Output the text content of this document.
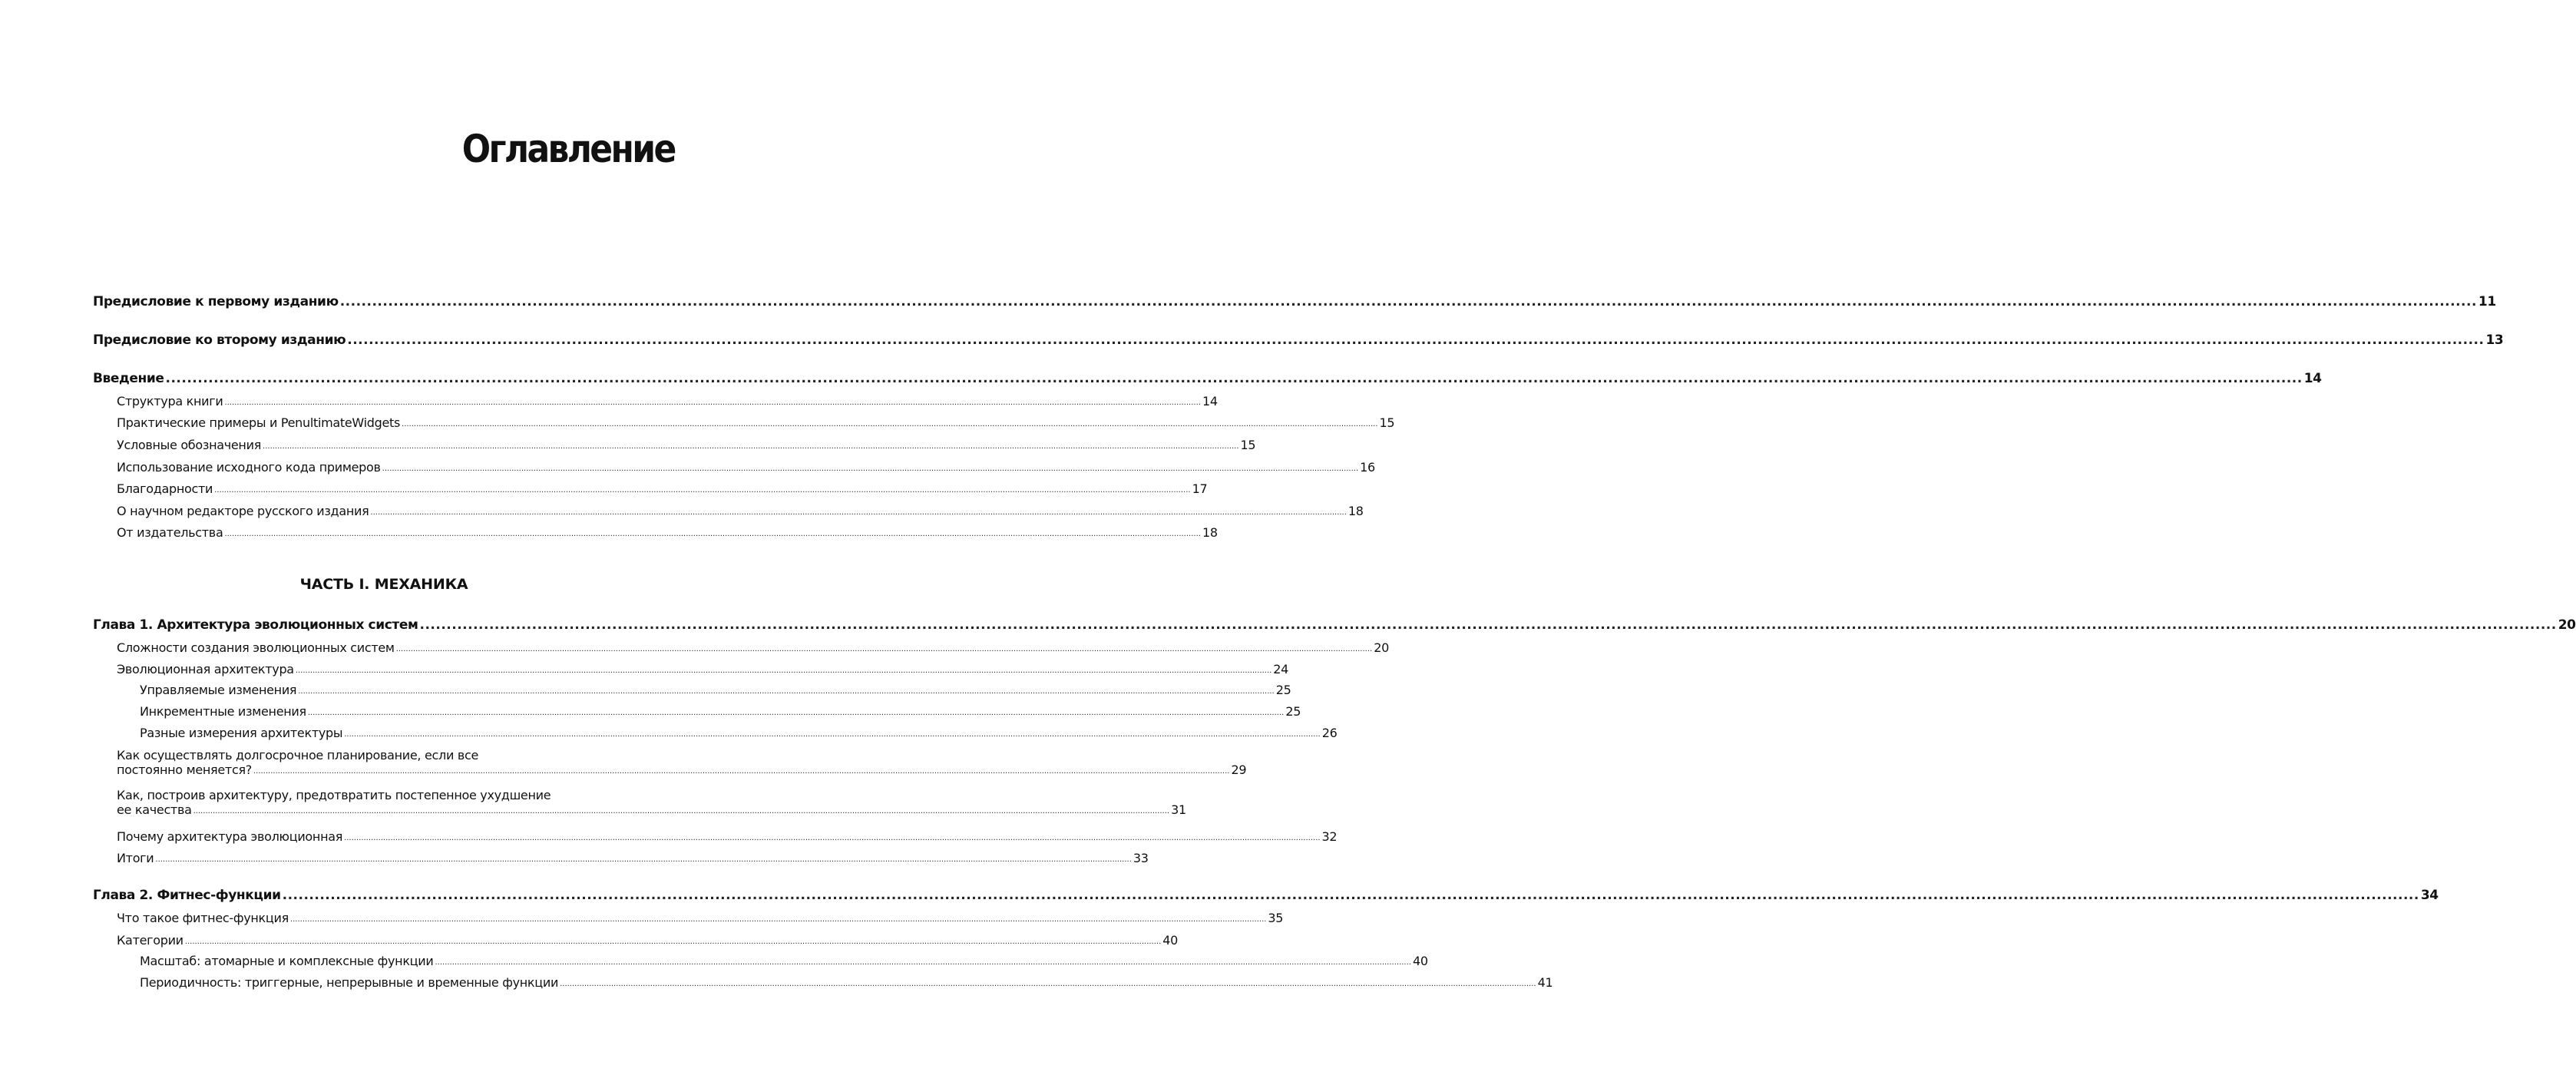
Оглавление
Предисловие к первому изданию ................................................................................................................................................................................................................................................................................................................................................................................................................ 11
Предисловие ко второму изданию ................................................................................................................................................................................................................................................................................................................................................................................................................ 13
Введение ................................................................................................................................................................................................................................................................................................................................................................................................................ 14
Структура книги ................................................................................................................................................................................................................................................................................................................................................................................................................ 14
Практические примеры и PenultimateWidgets ................................................................................................................................................................................................................................................................................................................................................................................................................ 15
Условные обозначения ................................................................................................................................................................................................................................................................................................................................................................................................................ 15
Использование исходного кода примеров ................................................................................................................................................................................................................................................................................................................................................................................................................ 16
Благодарности ................................................................................................................................................................................................................................................................................................................................................................................................................ 17
О научном редакторе русского издания ................................................................................................................................................................................................................................................................................................................................................................................................................ 18
От издательства ................................................................................................................................................................................................................................................................................................................................................................................................................ 18
ЧАСТЬ I. МЕХАНИКА
Глава 1. Архитектура эволюционных систем ................................................................................................................................................................................................................................................................................................................................................................................................................ 20
Сложности создания эволюционных систем ................................................................................................................................................................................................................................................................................................................................................................................................................ 20
Эволюционная архитектура ................................................................................................................................................................................................................................................................................................................................................................................................................ 24
Управляемые изменения ................................................................................................................................................................................................................................................................................................................................................................................................................ 25
Инкрементные изменения ................................................................................................................................................................................................................................................................................................................................................................................................................ 25
Разные измерения архитектуры ................................................................................................................................................................................................................................................................................................................................................................................................................ 26
Как осуществлять долгосрочное планирование, если все
постоянно меняется? ................................................................................................................................................................................................................................................................................................................................................................................................................ 29
Как, построив архитектуру, предотвратить постепенное ухудшение
ее качества ................................................................................................................................................................................................................................................................................................................................................................................................................ 31
Почему архитектура эволюционная ................................................................................................................................................................................................................................................................................................................................................................................................................ 32
Итоги ................................................................................................................................................................................................................................................................................................................................................................................................................ 33
Глава 2. Фитнес-функции ................................................................................................................................................................................................................................................................................................................................................................................................................ 34
Что такое фитнес-функция ................................................................................................................................................................................................................................................................................................................................................................................................................ 35
Категории ................................................................................................................................................................................................................................................................................................................................................................................................................ 40
Масштаб: атомарные и комплексные функции ................................................................................................................................................................................................................................................................................................................................................................................................................ 40
Периодичность: триггерные, непрерывные и временные функции ................................................................................................................................................................................................................................................................................................................................................................................................................ 41
